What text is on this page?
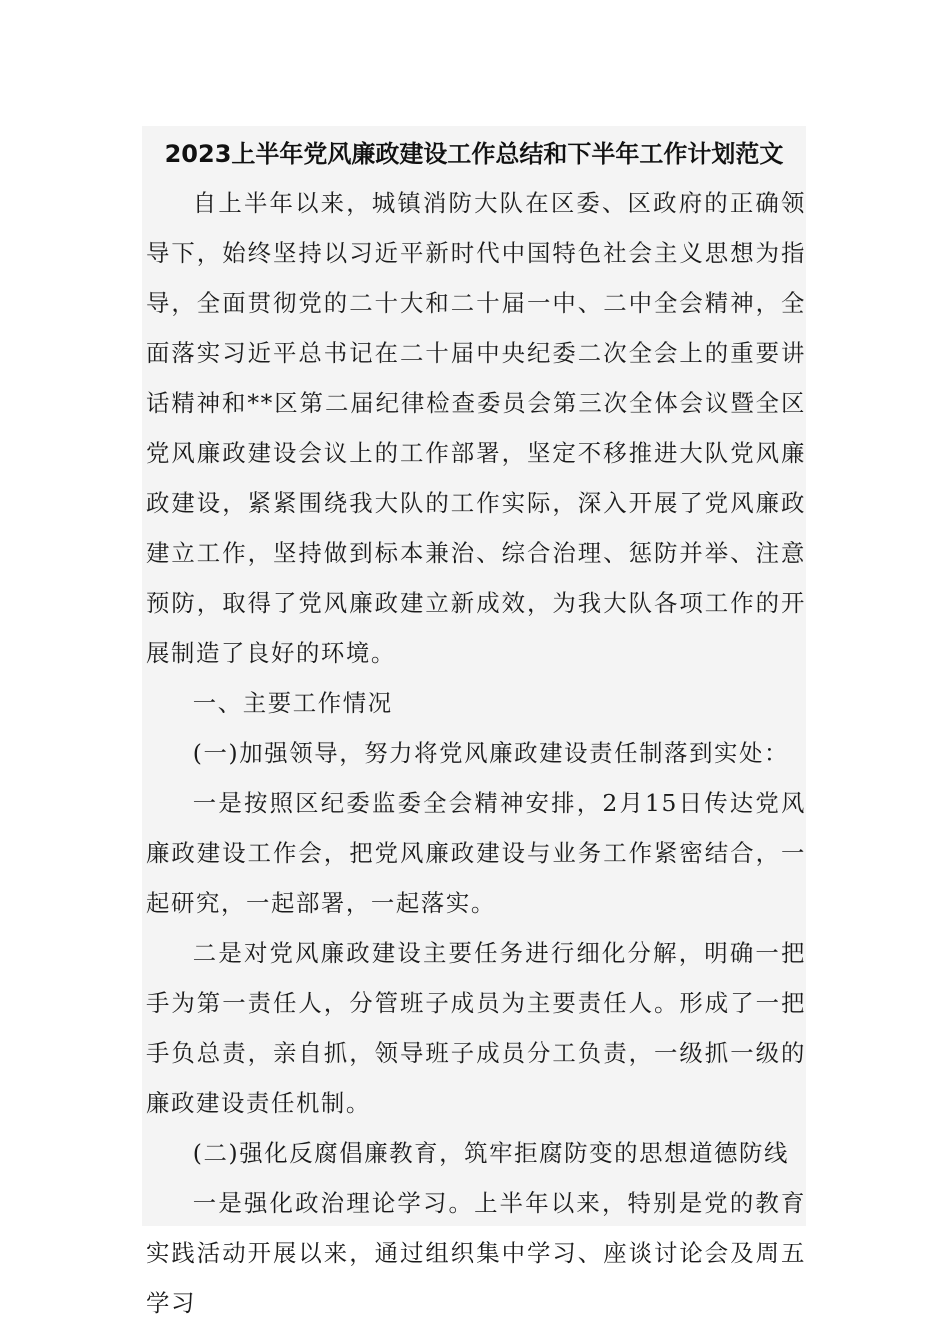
2023上半年党风廉政建设工作总结和下半年工作计划范文

自上半年以来，城镇消防大队在区委、区政府的正确领导下，始终坚持以习近平新时代中国特色社会主义思想为指导，全面贯彻党的二十大和二十届一中、二中全会精神，全面落实习近平总书记在二十届中央纪委二次全会上的重要讲话精神和**区第二届纪律检查委员会第三次全体会议暨全区党风廉政建设会议上的工作部署，坚定不移推进大队党风廉政建设，紧紧围绕我大队的工作实际，深入开展了党风廉政建立工作，坚持做到标本兼治、综合治理、惩防并举、注意预防，取得了党风廉政建立新成效，为我大队各项工作的开展制造了良好的环境。

一、主要工作情况

(一)加强领导，努力将党风廉政建设责任制落到实处：

一是按照区纪委监委全会精神安排，2月15日传达党风廉政建设工作会，把党风廉政建设与业务工作紧密结合，一起研究，一起部署，一起落实。

二是对党风廉政建设主要任务进行细化分解，明确一把手为第一责任人，分管班子成员为主要责任人。形成了一把手负总责，亲自抓，领导班子成员分工负责，一级抓一级的廉政建设责任机制。

(二)强化反腐倡廉教育，筑牢拒腐防变的思想道德防线

一是强化政治理论学习。上半年以来，特别是党的教育实践活动开展以来，通过组织集中学习、座谈讨论会及周五学习
